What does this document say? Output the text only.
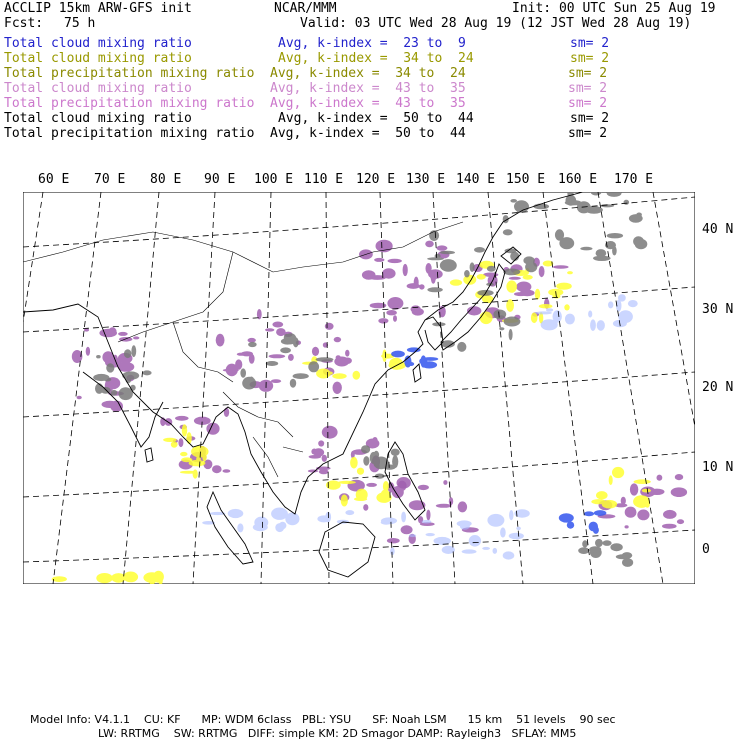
ACCLIP 15km ARW-GFS init	NCAR/MMM	Init: 00 UTC Sun 25 Aug 19
Fcst: 75 h	Valid: 03 UTC Wed 28 Aug 19 (12 JST Wed 28 Aug 19)
Total cloud mixing ratio	Avg, k-index =  23 to  9	sm= 2
Total cloud mixing ratio	Avg, k-index =  34 to  24	sm= 2
Total precipitation mixing ratio Avg, k-index =  34 to  24	sm= 2
Total cloud mixing ratio	Avg, k-index =  43 to  35	sm= 2
Total precipitation mixing ratio Avg, k-index =  43 to  35	sm= 2
Total cloud mixing ratio	Avg, k-index =  50 to  44	sm= 2
Total precipitation mixing ratio Avg, k-index =  50 to  44	sm= 2
60 E 70 E 80 E 90 E 100 E 110 E 120 E 130 E 140 E 150 E 160 E 170 E
40 N
30 N
20 N
10 N
0
Model Info: V4.1.1    CU: KF      MP: WDM 6class   PBL: YSU      SF: Noah LSM      15 km    51 levels    90 sec
LW: RRTMG    SW: RRTMG   DIFF: simple KM: 2D Smagor DAMP: Rayleigh3   SFLAY: MM5
